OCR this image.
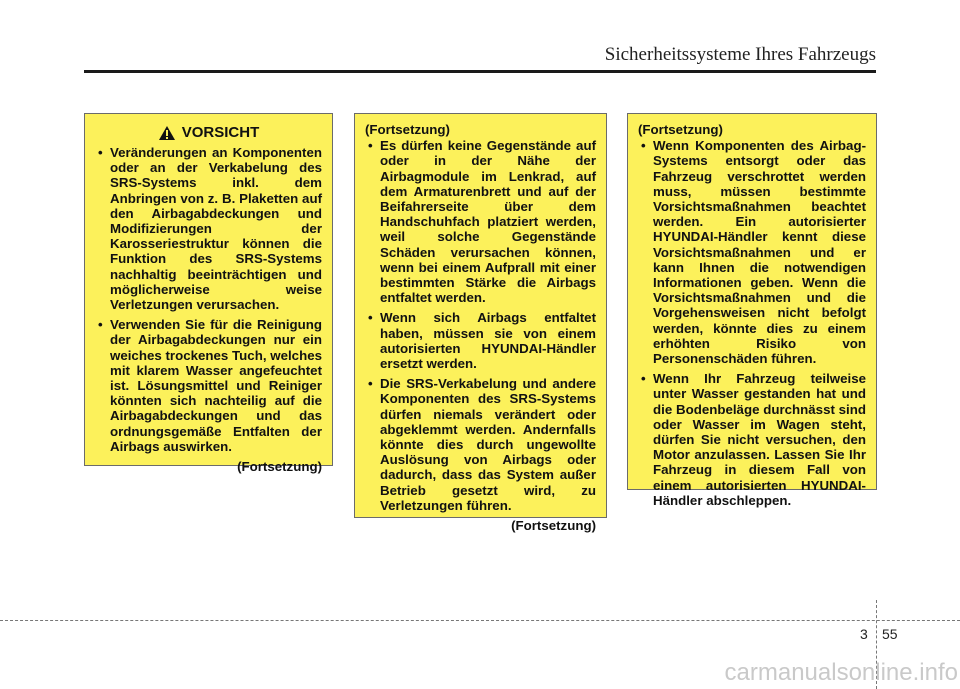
Sicherheitssysteme Ihres Fahrzeugs
VORSICHT
• Veränderungen an Komponenten oder an der Verkabelung des SRS-Systems inkl. dem Anbringen von z. B. Plaketten auf den Airbagabdeckungen und Modifizierungen der Karosseriestruktur können die Funktion des SRS-Systems nachhaltig beeinträchtigen und möglicherweise weise Verletzungen verursachen.
• Verwenden Sie für die Reinigung der Airbagabdeckungen nur ein weiches trockenes Tuch, welches mit klarem Wasser angefeuchtet ist. Lösungsmittel und Reiniger könnten sich nachteilig auf die Airbagabdeckungen und das ordnungsgemäße Entfalten der Airbags auswirken.
(Fortsetzung)
(Fortsetzung)
• Es dürfen keine Gegenstände auf oder in der Nähe der Airbagmodule im Lenkrad, auf dem Armaturenbrett und auf der Beifahrerseite über dem Handschuhfach platziert werden, weil solche Gegenstände Schäden verursachen können, wenn bei einem Aufprall mit einer bestimmten Stärke die Airbags entfaltet werden.
• Wenn sich Airbags entfaltet haben, müssen sie von einem autorisierten HYUNDAI-Händler ersetzt werden.
• Die SRS-Verkabelung und andere Komponenten des SRS-Systems dürfen niemals verändert oder abgeklemmt werden. Andernfalls könnte dies durch ungewollte Auslösung von Airbags oder dadurch, dass das System außer Betrieb gesetzt wird, zu Verletzungen führen.
(Fortsetzung)
(Fortsetzung)
• Wenn Komponenten des Airbag-Systems entsorgt oder das Fahrzeug verschrottet werden muss, müssen bestimmte Vorsichtsmaßnahmen beachtet werden. Ein autorisierter HYUNDAI-Händler kennt diese Vorsichtsmaßnahmen und er kann Ihnen die notwendigen Informationen geben. Wenn die Vorsichtsmaßnahmen und die Vorgehensweisen nicht befolgt werden, könnte dies zu einem erhöhten Risiko von Personenschäden führen.
• Wenn Ihr Fahrzeug teilweise unter Wasser gestanden hat und die Bodenbeläge durchnässt sind oder Wasser im Wagen steht, dürfen Sie nicht versuchen, den Motor anzulassen. Lassen Sie Ihr Fahrzeug in diesem Fall von einem autorisierten HYUNDAI-Händler abschleppen.
3 55
carmanualsonline.info
